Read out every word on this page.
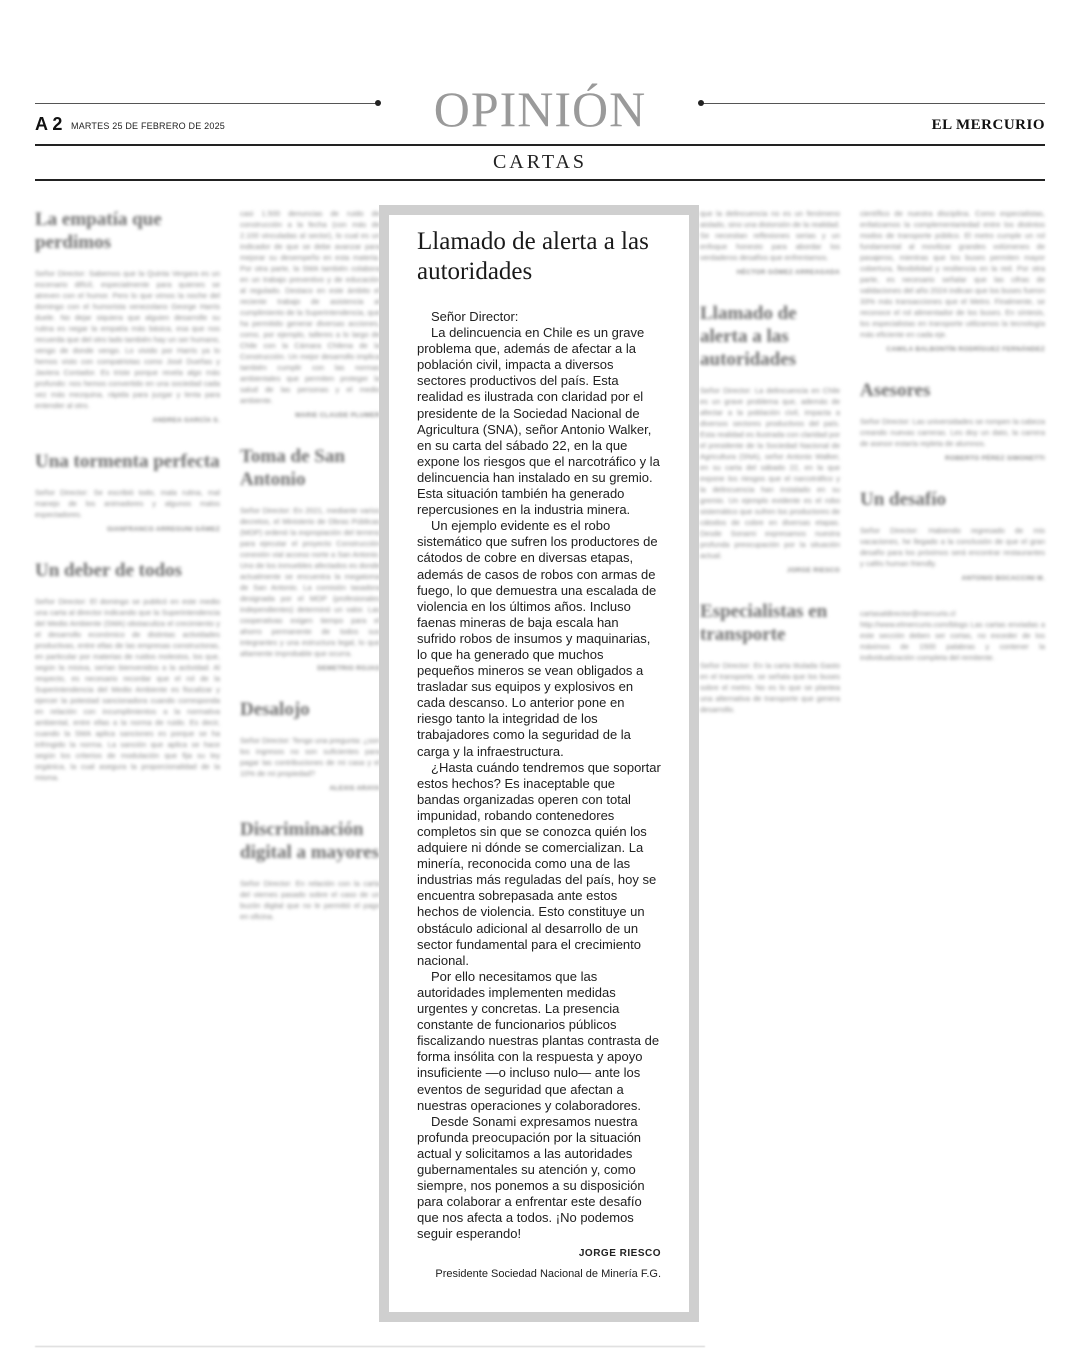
A 2 MARTES 25 DE FEBRERO DE 2025	OPINIÓN	EL MERCURIO
CARTAS
La empatía que perdimos

Señor Director: Sabemos que la Quinta Vergara es un escenario difícil, especialmente para quienes se atreven con el humor. Pero lo que vimos la noche del domingo con el humorista venezolano George Harris duele. No dejar siquiera que alguien desarrolle su rutina es negar la empatía más básica, esa que nos recuerda que del otro lado también hay un ser humano, vengo de donde vengo. Lo vivido por Harris ya lo hemos visto con compatriotas como José Dueñas y Javiera Contador. Es triste porque revela algo más profundo: nos hemos convertido en una sociedad cada vez más mezquina, rápida para juzgar y lenta para entender al otro.

ANDREA GARCÍA S.
Una tormenta perfecta

Señor Director: Se escribió todo, mala rutina, mal manejo de los animadores y algunos malos espectadores.

GIANFRANCO ARREGUNI GÁMEZ
Un deber de todos

Señor Director: El domingo se publicó en este medio una carta al director indicando que la Superintendencia del Medio Ambiente (SMA) obstaculiza el crecimiento y el desarrollo económico de distintas actividades productivas, entre ellas de las empresas constructoras, en particular por materias de ruidos molestos, los que, según la misiva, serían bienvenidos a la actividad. Al respecto, es necesario recordar que el rol de la Superintendencia del Medio Ambiente es fiscalizar y ejercer la potestad sancionadora cuando corresponda en relación con incumplimientos a la normativa ambiental, entre ellas a la norma de ruido. Es decir, cuando la SMA aplica sanciones es porque se ha infringido la norma. La sanción que aplica se hace según los criterios de modulación que fija su ley orgánica, la cual asegura la proporcionalidad de la misma.

casi 1.500 denuncias de ruido de construcción a la fecha (con más de 2.100 vinculadas al sector), lo cual es un indicador de que se debe avanzar para mejorar su desempeño en esta materia. Por otra parte, la SMA también colabora en un trabajo preventivo y de educación al regulado. Destaco en este ámbito el reciente trabajo de asistencia al cumplimiento de la Superintendencia, que ha permitido generar diversas acciones, como, por ejemplo, talleres a lo largo de Chile con la Cámara Chilena de la Construcción. Un mejor desarrollo implica también cumplir con las normas ambientales que permiten proteger la salud de las personas y el medio ambiente.

MARIE CLAUDE PLUMER
Toma de San Antonio

Señor Director: En 2021, mediante varios decretos, el Ministerio de Obras Públicas (MOP) ordenó la expropiación del terreno para ejecutar el proyecto Construcción conexión vial acceso norte a San Antonio. Uno de los inmuebles afectados es donde actualmente se encuentra la megatoma de San Antonio. La comisión tasadora designada por el MOP (profesionales independientes) determinó un valor. Las cooperativas exigen tiempo para el ahorro permanente de todos sus integrantes y una estructura legal, lo que altamente improbable que ocurra.

DEMETRIO ROJAS
Desalojo

Señor Director: Tengo una pregunta: ¿son los ingresos no son suficientes para pagar las contribuciones de mi casa y el 10% de mi propiedad?

ALEXIS ARAYA
Discriminación digital a mayores

Señor Director: En relación con la carta del viernes pasado sobre el caso de un buzón digital que no le permitió el pago en oficina.

que la delincuencia no es un fenómeno aislado, sino una distorsión de la realidad. Se necesitan reflexiones serias y un enfoque honesto para abordar los verdaderos desafíos que enfrentamos.

HÉCTOR GÓMEZ ARREAGADA
Llamado de alerta a las autoridades

Señor Director: La delincuencia en Chile es un grave problema que, además de afectar a la población civil, impacta a diversos sectores productivos del país. Esta realidad es ilustrada con claridad por el presidente de la Sociedad Nacional de Agricultura (SNA), señor Antonio Walker, en su carta del sábado 22, en la que expone los riesgos que el narcotráfico y la delincuencia han instalado en su gremio. Un ejemplo evidente es el robo sistemático que sufren los productores de cátodos de cobre en diversas etapas. Desde Sonami expresamos nuestra profunda preocupación por la situación actual.

JORGE RIESCO
Especialistas en transporte

Señor Director: En la carta titulada Gasto en el transporte, se señala que los buses sobre el metro. No es lo que se plantea una alternativa de transporte que genera desarrollo.

científico de nuestra disciplina. Como especialistas, enfatizamos la complementariedad entre los distintos modos de transporte público. El metro cumple un rol fundamental al movilizar grandes volúmenes de pasajeros, mientras que los buses permiten mayor cobertura, flexibilidad y resiliencia en la red. Por otra parte, es necesario señalar que las cifras de validaciones del año 2024 indican que los buses fueron 33% más transacciones que el Metro. Finalmente, se reconoce el rol alimentador de los buses. En síntesis, los especialistas en transporte utilizamos la tecnología más eficiente en cada eje.

CAMILA BALBONTÍN RODRÍGUEZ FERNÁNDEZ
Asesores

Señor Director: Las universidades se rompen la cabeza creando nuevas carreras. Les doy un dato, la carrera de asesor estaría repleta de alumnos.

ROBERTO PÉREZ SIMONETTI
Un desafío

Señor Director: Habiendo regresado de mis vacaciones, he llegado a la conclusión de que el gran desafío para los próximos será encontrar restaurantes y cafés human friendly.

ANTONIO BOCACCINI M.

cartasaldirector@mercurio.cl http://www.elmercurio.com/blogs Las cartas enviadas a este sección deben ser cortas, no exceder de los máximos de 1500 palabras y contener la individualización completa del remitente.

Llamado de alerta a las autoridades

Señor Director:

La delincuencia en Chile es un grave problema que, además de afectar a la población civil, impacta a diversos sectores productivos del país. Esta realidad es ilustrada con claridad por el presidente de la Sociedad Nacional de Agricultura (SNA), señor Antonio Walker, en su carta del sábado 22, en la que expone los riesgos que el narcotráfico y la delincuencia han instalado en su gremio. Esta situación también ha generado repercusiones en la industria minera.

Un ejemplo evidente es el robo sistemático que sufren los productores de cátodos de cobre en diversas etapas, además de casos de robos con armas de fuego, lo que demuestra una escalada de violencia en los últimos años. Incluso faenas mineras de baja escala han sufrido robos de insumos y maquinarias, lo que ha generado que muchos pequeños mineros se vean obligados a trasladar sus equipos y explosivos en cada descanso. Lo anterior pone en riesgo tanto la integridad de los trabajadores como la seguridad de la carga y la infraestructura.

¿Hasta cuándo tendremos que soportar estos hechos? Es inaceptable que bandas organizadas operen con total impunidad, robando contenedores completos sin que se conozca quién los adquiere ni dónde se comercializan. La minería, reconocida como una de las industrias más reguladas del país, hoy se encuentra sobrepasada ante estos hechos de violencia. Esto constituye un obstáculo adicional al desarrollo de un sector fundamental para el crecimiento nacional.

Por ello necesitamos que las autoridades implementen medidas urgentes y concretas. La presencia constante de funcionarios públicos fiscalizando nuestras plantas contrasta de forma insólita con la respuesta y apoyo insuficiente —o incluso nulo— ante los eventos de seguridad que afectan a nuestras operaciones y colaboradores.

Desde Sonami expresamos nuestra profunda preocupación por la situación actual y solicitamos a las autoridades gubernamentales su atención y, como siempre, nos ponemos a su disposición para colaborar a enfrentar este desafío que nos afecta a todos. ¡No podemos seguir esperando!

JORGE RIESCO
Presidente Sociedad Nacional de Minería F.G.
